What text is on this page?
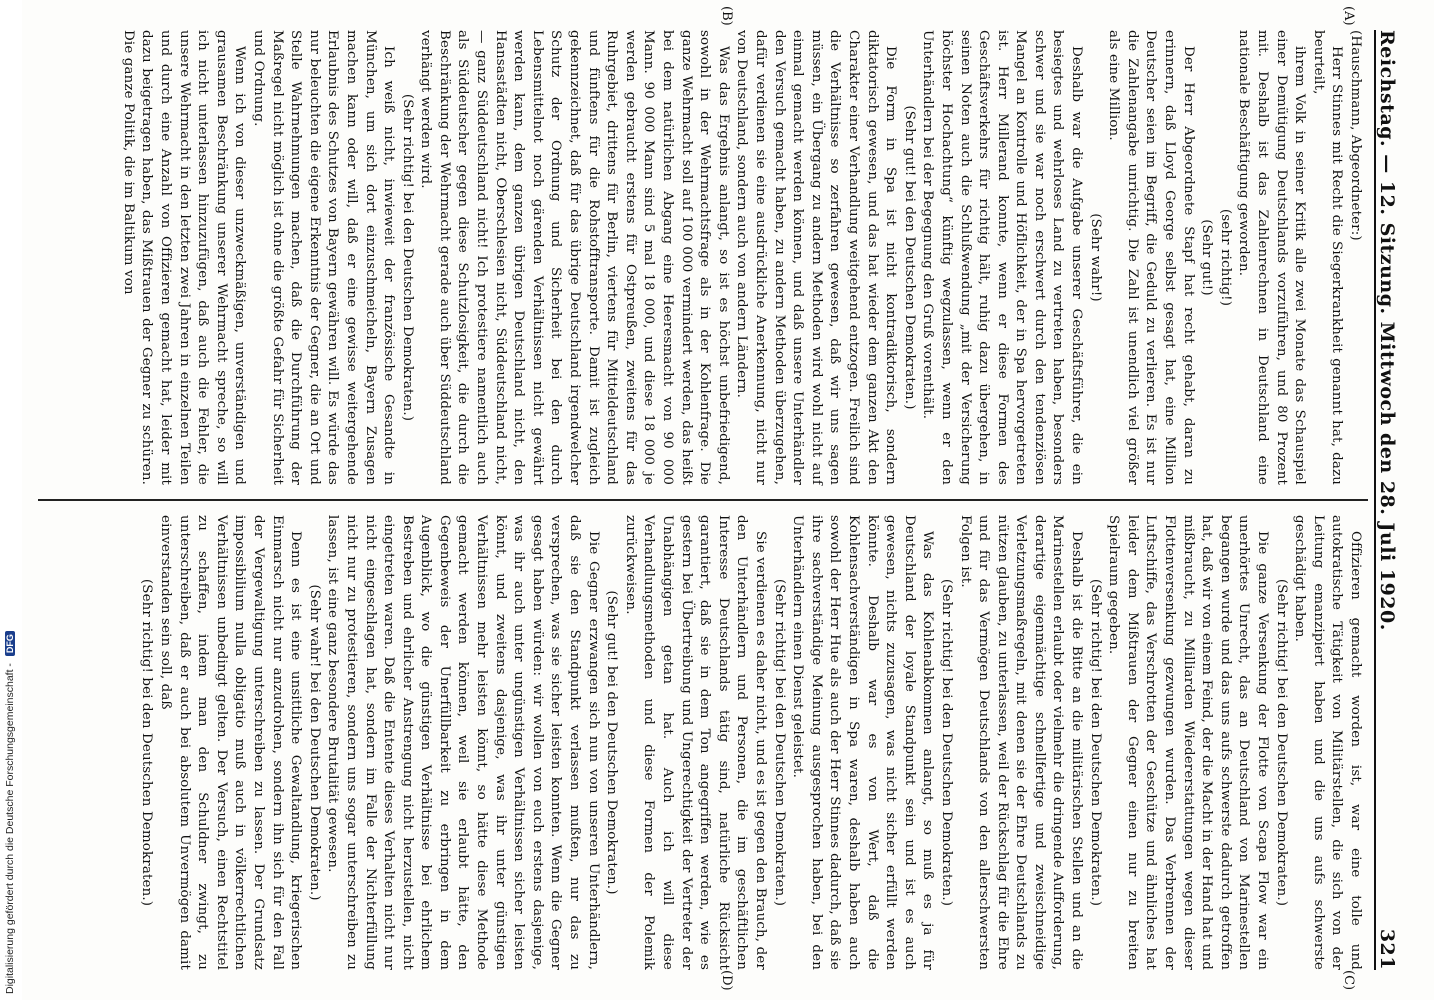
Reichstag. — 12. Sitzung. Mittwoch den 28. Juli 1920.
321
(A)
(B)
(C)
(D)

(Hauschmann, Abgeordneter:)

Herr Stinnes mit Recht die Siegerkrankheit genannt hat, dazu beurteilt,

ihrem Volk in seiner Kritik alle zwei Monate das Schauspiel einer Demütigung Deutschlands vorzuführen, und 80 Prozent mit. Deshalb ist das Zahlenrechnen in Deutschland eine nationale Beschäftigung geworden.

(sehr richtig!)

(Sehr gut!)

Der Herr Abgeordnete Stapf hat recht gehabt, daran zu erinnern, daß Lloyd George selbst gesagt hat, eine Million Deutscher seien im Begriff, die Geduld zu verlieren. Es ist nur die Zahlenangabe unrichtig. Die Zahl ist unendlich viel größer als eine Million.

(Sehr wahr!)

Deshalb war die Aufgabe unserer Geschäftsführer, die ein besiegtes und wehrloses Land zu vertreten haben, besonders schwer und sie war noch erschwert durch den tendenziösen Mangel an Kontrolle und Höflichkeit, der in Spa hervorgetreten ist. Herr Millerand konnte, wenn er diese Formen des Geschäftsverkehrs für richtig hält, ruhig dazu übergehen, in seinen Noten auch die Schlußwendung „mit der Versicherung höchster Hochachtung“ künftig wegzulassen, wenn er den Unterhändlern bei der Begegnung den Gruß vorenthält.

(Sehr gut! bei den Deutschen Demokraten.)

Die Form in Spa ist nicht kontradiktorisch, sondern diktatorisch gewesen, und das hat wieder dem ganzen Akt den Charakter einer Verhandlung weitgehend entzogen. Freilich sind die Verhältnisse so zerfahren gewesen, daß wir uns sagen müssen, ein Übergang zu andern Methoden wird wohl nicht auf einmal gemacht werden können, und daß unsere Unterhändler den Versuch gemacht haben, zu andern Methoden überzugehen, dafür verdienen sie eine ausdrückliche Anerkennung, nicht nur von Deutschland, sondern auch von andern Ländern.

Was das Ergebnis anlangt, so ist es höchst unbefriedigend, sowohl in der Wehrmachtsfrage als in der Kohlenfrage. Die ganze Wehrmacht soll auf 100 000 vermindert werden, das heißt bei dem natürlichen Abgang eine Heeresmacht von 90 000 Mann. 90 000 Mann sind 5 mal 18 000, und diese 18 000 je werden gebraucht erstens für Ostpreußen, zweitens für das Ruhrgebiet, drittens für Berlin, viertens für Mitteldeutschland und fünftens für die Rohstofftransporte. Damit ist zugleich gekennzeichnet, daß für das übrige Deutschland irgendwelcher Schutz der Ordnung und Sicherheit bei den durch Lebensmittelnot noch gärenden Verhältnissen nicht gewährt werden kann, dem ganzen übrigen Deutschland nicht, den Hansastädten nicht, Oberschlesien nicht, Süddeutschland nicht, — ganz Süddeutschland nicht! Ich protestiere namentlich auch als Süddeutscher gegen diese Schutzlosigkeit, die durch die Beschränkung der Wehrmacht gerade auch über Süddeutschland verhängt werden wird.

(Sehr richtig! bei den Deutschen Demokraten.)

Ich weiß nicht, inwieweit der französische Gesandte in München, um sich dort einzuschmeicheln, Bayern Zusagen machen kann oder will, daß er eine gewisse weitergehende Erlaubnis des Schutzes von Bayern gewähren will. Es würde das nur beleuchten die eigene Erkenntnis der Gegner, die an Ort und Stelle Wahrnehmungen machen, daß die Durchführung der Maßregel nicht möglich ist ohne die größte Gefahr für Sicherheit und Ordnung.

Wenn ich von dieser unzweckmäßigen, unverständigen und grausamen Beschränkung unserer Wehrmacht spreche, so will ich nicht unterlassen hinzuzufügen, daß auch die Fehler, die unsere Wehrmacht in den letzten zwei Jahren in einzelnen Teilen und durch eine Anzahl von Offizieren gemacht hat, leider mit dazu beigetragen haben, das Mißtrauen der Gegner zu schüren. Die ganze Politik, die im Baltikum von

Offizieren gemacht worden ist, war eine tolle und autokratische Tätigkeit von Militärstellen, die sich von der Leitung emanzipiert haben und die uns aufs schwerste geschädigt haben.

(Sehr richtig! bei den Deutschen Demokraten.)

Die ganze Versenkung der Flotte von Scapa Flow war ein unerhörtes Unrecht, das an Deutschland von Marinestellen begangen wurde und das uns aufs schwerste dadurch getroffen hat, daß wir von einem Feind, der die Macht in der Hand hat und mißbraucht, zu Milliarden Wiedererstattungen wegen dieser Flottenversenkung gezwungen wurden. Das Verbrennen der Luftschiffe, das Verschrotten der Geschütze und ähnliches hat leider dem Mißtrauen der Gegner einen nur zu breiten Spielraum gegeben.

(Sehr richtig! bei den Deutschen Demokraten.)

Deshalb ist die Bitte an die militärischen Stellen und an die Marinestellen erlaubt oder vielmehr die dringende Aufforderung, derartige eigenmächtige schnellfertige und zweischneidige Verletzungsmaßregeln, mit denen sie der Ehre Deutschlands zu nützen glauben, zu unterlassen, weil der Rückschlag für die Ehre und für das Vermögen Deutschlands von den allerschwersten Folgen ist.

(Sehr richtig! bei den Deutschen Demokraten.)

Was das Kohlenabkommen anlangt, so muß es ja für Deutschland der loyale Standpunkt sein und ist es auch gewesen, nichts zuzusagen, was nicht sicher erfüllt werden könnte. Deshalb war es von Wert, daß die Kohlensachverständigen in Spa waren, deshalb haben auch sowohl der Herr Hue als auch der Herr Stinnes dadurch, daß sie ihre sachverständige Meinung ausgesprochen haben, bei den Unterhändlern einen Dienst geleistet.

(Sehr richtig! bei den Deutschen Demokraten.)

Sie verdienen es daher nicht, und es ist gegen den Brauch, der den Unterhändlern und Personen, die im geschäftlichen Interesse Deutschlands tätig sind, natürliche Rücksicht garantiert, daß sie in dem Ton angegriffen werden, wie es gestern bei Übertreibung und Ungerechtigkeit der Vertreter der Unabhängigen getan hat. Auch ich will diese Verhandlungsmethoden und diese Formen der Polemik zurückweisen.

(Sehr gut! bei den Deutschen Demokraten.)

Die Gegner erzwangen sich nun von unseren Unterhändlern, daß sie den Standpunkt verlassen mußten, nur das zu versprechen, was sie sicher leisten konnten. Wenn die Gegner gesagt haben würden: wir wollen von euch erstens dasjenige, was ihr auch unter ungünstigen Verhältnissen sicher leisten könnt, und zweitens dasjenige, was ihr unter günstigen Verhältnissen mehr leisten könnt, so hätte diese Methode gemacht werden können, weil sie erlaubt hätte, den Gegenbeweis der Unerfüllbarkeit zu erbringen in dem Augenblick, wo die günstigen Verhältnisse bei ehrlichem Bestreben und ehrlicher Anstrengung nicht herzustellen, nicht eingetreten waren. Daß die Entente dieses Verhalten nicht nur nicht eingeschlagen hat, sondern im Falle der Nichterfüllung nicht nur zu protestieren, sondern uns sogar unterschreiben zu lassen, ist eine ganz besondere Brutalität gewesen.

(Sehr wahr! bei den Deutschen Demokraten.)

Denn es ist eine unsittliche Gewaltandlung, kriegerischen Einmarsch nicht nur anzudrohen, sondern ihn sich für den Fall der Vergewaltigung unterschreiben zu lassen. Der Grundsatz impossibilium nulla obligatio muß auch in völkerrechtlichen Verhältnissen unbedingt gelten. Der Versuch, einen Rechtstitel zu schaffen, indem man den Schuldner zwingt, zu unterschreiben, daß er auch bei absolutem Unvermögen damit einverstanden sein soll, daß

(Sehr richtig! bei den Deutschen Demokraten.)

Digitalisierung gefördert durch die Deutsche Forschungsgemeinschaft - DFG
